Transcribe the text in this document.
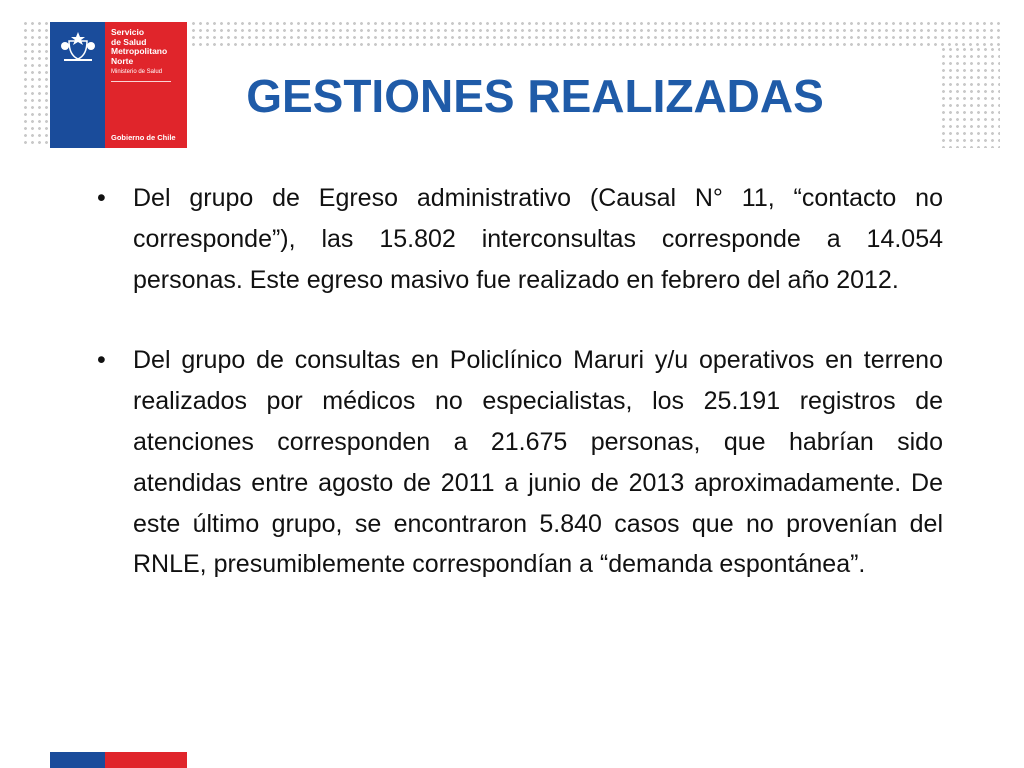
Servicio
de Salud
Metropolitano
Norte
Ministerio de Salud
Gobierno de Chile
GESTIONES REALIZADAS
• Del grupo de Egreso administrativo (Causal N° 11, “contacto no corresponde”), las 15.802 interconsultas corresponde a 14.054 personas. Este egreso masivo fue realizado en febrero del año 2012.
• Del grupo de consultas en Policlínico Maruri y/u operativos en terreno realizados por médicos no especialistas, los 25.191 registros de atenciones corresponden a 21.675 personas, que habrían sido atendidas entre agosto de 2011 a junio de 2013 aproximadamente. De este último grupo, se encontraron 5.840 casos que no provenían del RNLE, presumiblemente correspondían a “demanda espontánea”.
